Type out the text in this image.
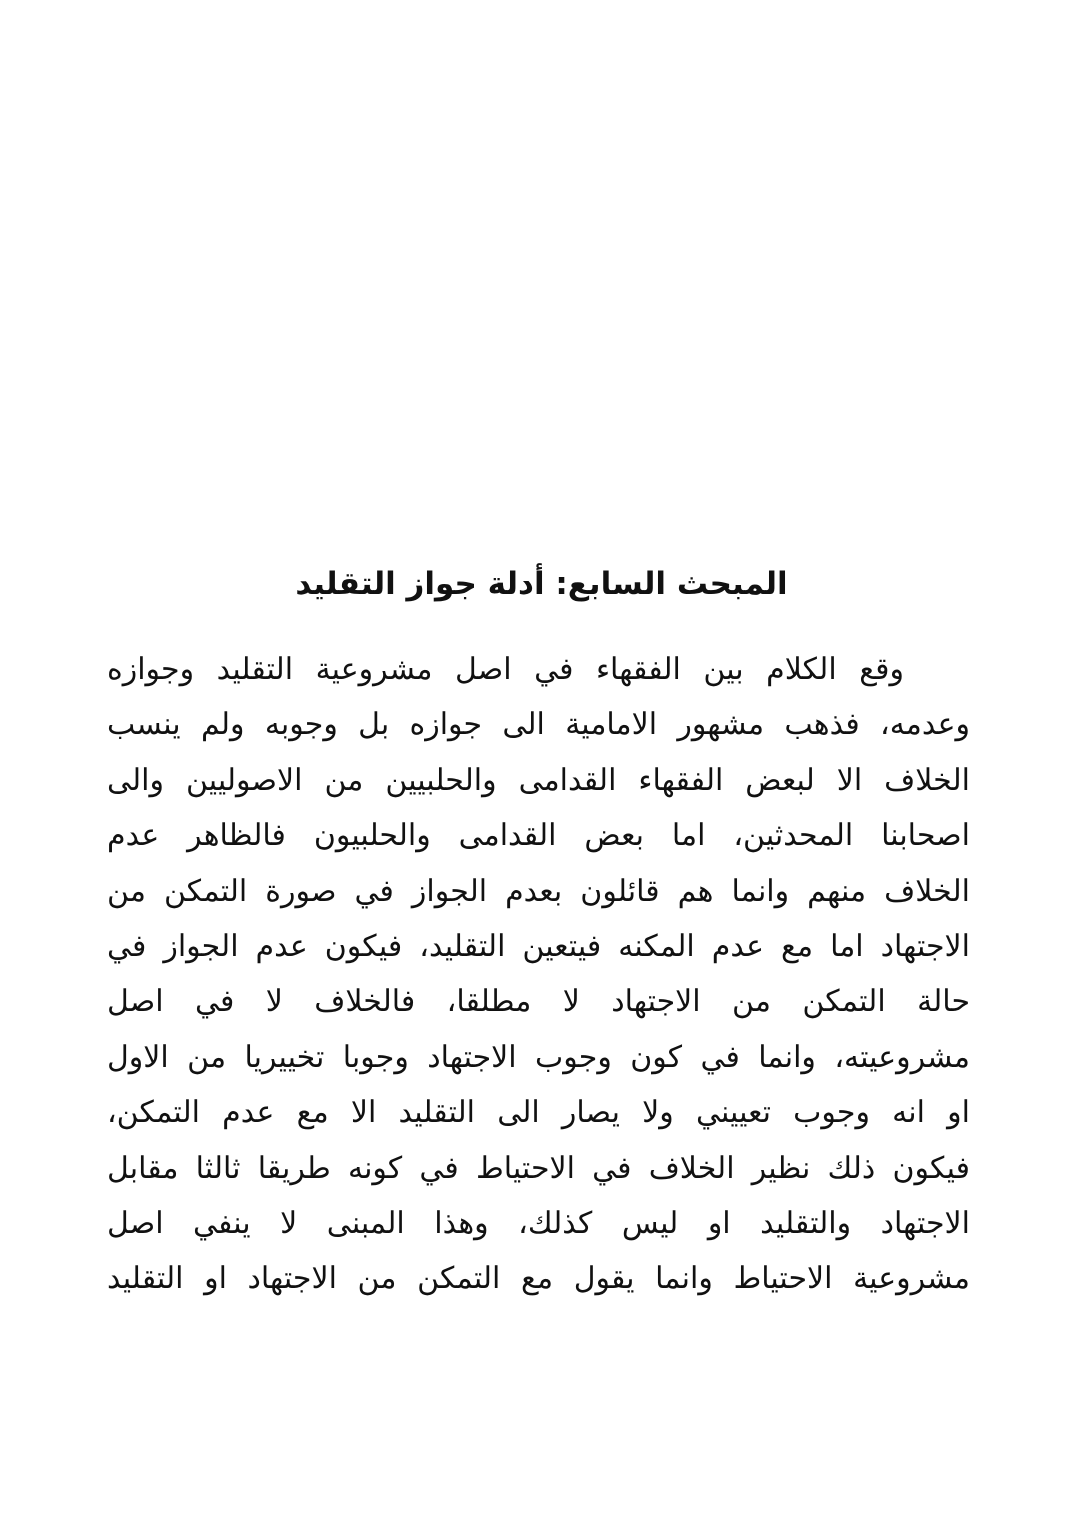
المبحث السابع: أدلة جواز التقليد
وقع الكلام بين الفقهاء في اصل مشروعية التقليد وجوازه
وعدمه، فذهب مشهور الامامية الى جوازه بل وجوبه ولم ينسب
الخلاف الا لبعض الفقهاء القدامى والحلبيين من الاصوليين والى
اصحابنا المحدثين، اما بعض القدامى والحلبيون فالظاهر عدم
الخلاف منهم وانما هم قائلون بعدم الجواز في صورة التمكن من
الاجتهاد اما مع عدم المكنه فيتعين التقليد، فيكون عدم الجواز في
حالة التمكن من الاجتهاد لا مطلقا، فالخلاف لا في اصل
مشروعيته، وانما في كون وجوب الاجتهاد وجوبا تخييريا من الاول
او انه وجوب تعييني ولا يصار الى التقليد الا مع عدم التمكن،
فيكون ذلك نظير الخلاف في الاحتياط في كونه طريقا ثالثا مقابل
الاجتهاد والتقليد او ليس كذلك، وهذا المبنى لا ينفي اصل
مشروعية الاحتياط وانما يقول مع التمكن من الاجتهاد او التقليد
